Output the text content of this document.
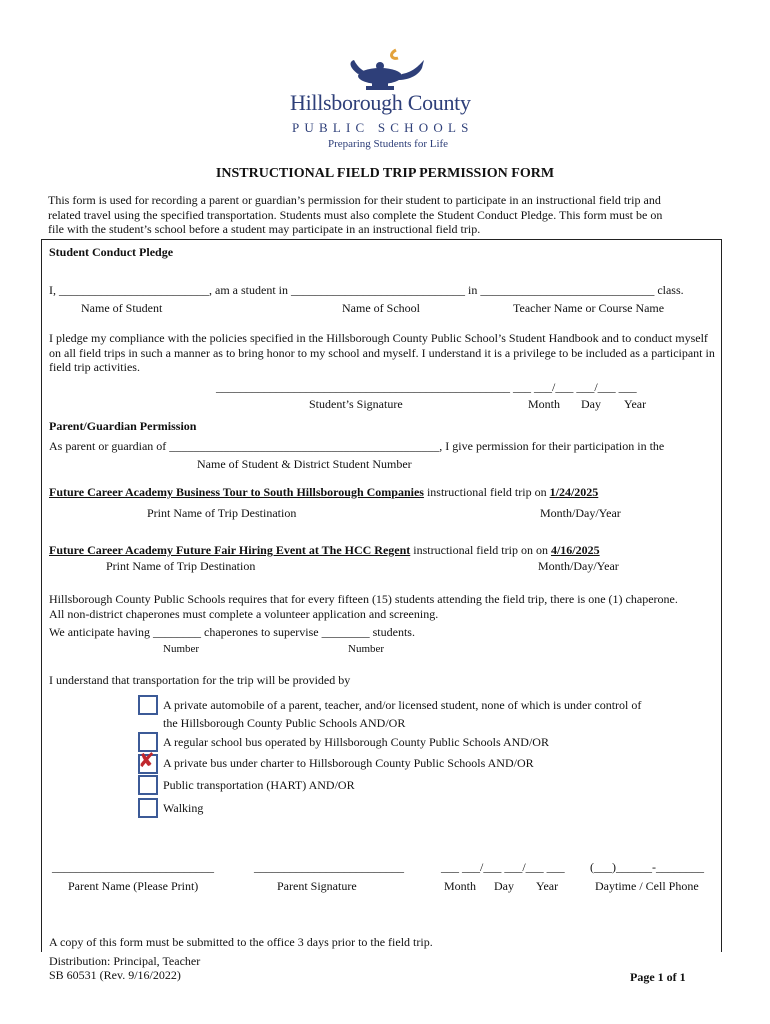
Hillsborough County
PUBLIC SCHOOLS
Preparing Students for Life
INSTRUCTIONAL FIELD TRIP PERMISSION FORM
This form is used for recording a parent or guardian’s permission for their student to participate in an instructional field trip and related travel using the specified transportation. Students must also complete the Student Conduct Pledge. This form must be on file with the student’s school before a student may participate in an instructional field trip.
Student Conduct Pledge
I, _________________________, am a student in _____________________________ in _____________________________ class.
Name of Student	Name of School	Teacher Name or Course Name
I pledge my compliance with the policies specified in the Hillsborough County Public School’s Student Handbook and to conduct myself on all field trips in such a manner as to bring honor to my school and myself. I understand it is a privilege to be included as a participant in field trip activities.
_________________________________________________ ___ ___/___ ___/___ ___
Student’s Signature	Month Day Year
Parent/Guardian Permission
As parent or guardian of _____________________________________________, I give permission for their participation in the
Name of Student & District Student Number
Future Career Academy Business Tour to South Hillsborough Companies instructional field trip on 1/24/2025
Print Name of Trip Destination	Month/Day/Year
Future Career Academy Future Fair Hiring Event at The HCC Regent instructional field trip on on 4/16/2025
Print Name of Trip Destination	Month/Day/Year
Hillsborough County Public Schools requires that for every fifteen (15) students attending the field trip, there is one (1) chaperone.
All non-district chaperones must complete a volunteer application and screening.
We anticipate having ________ chaperones to supervise ________ students.
Number	Number
I understand that transportation for the trip will be provided by
A private automobile of a parent, teacher, and/or licensed student, none of which is under control of
the Hillsborough County Public Schools AND/OR
A regular school bus operated by Hillsborough County Public Schools AND/OR
✘ A private bus under charter to Hillsborough County Public Schools AND/OR
Public transportation (HART) AND/OR
Walking
___________________________	_________________________	___ ___/___ ___/___ ___ (___)______-________
Parent Name (Please Print)	Parent Signature	Month Day Year	Daytime / Cell Phone
A copy of this form must be submitted to the office 3 days prior to the field trip.
Distribution: Principal, Teacher
SB 60531 (Rev. 9/16/2022)	Page 1 of 1
